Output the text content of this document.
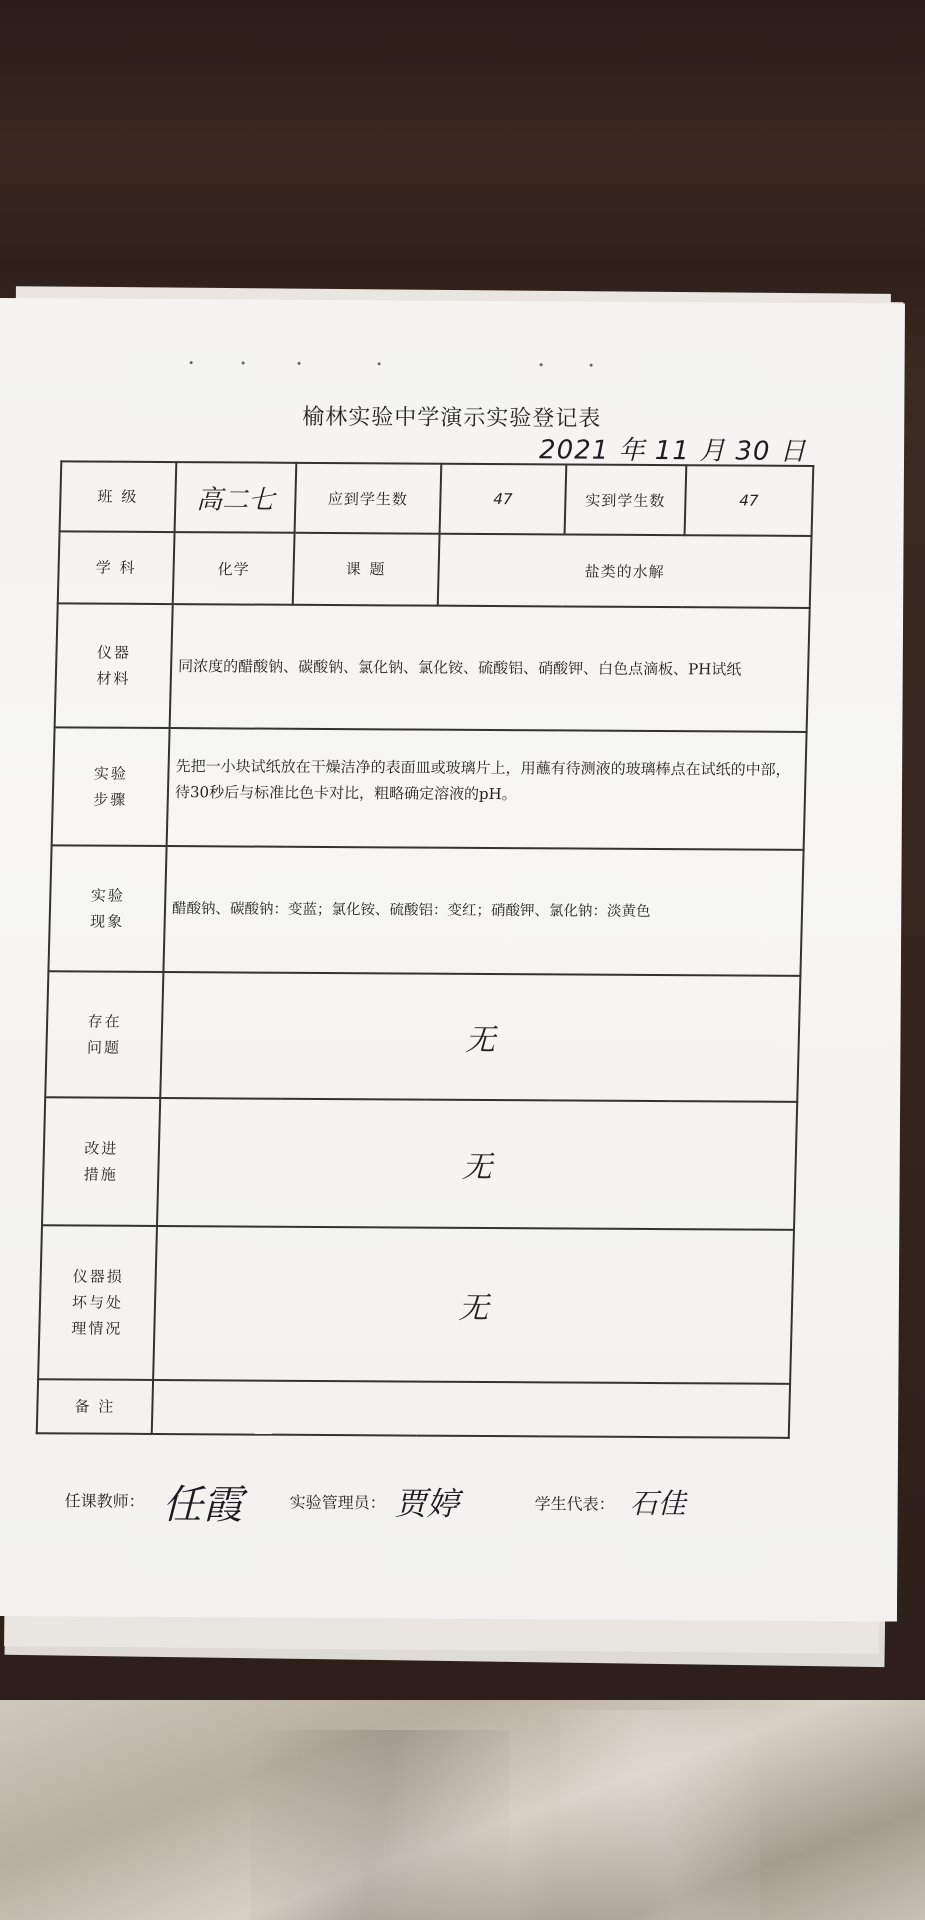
榆林实验中学演示实验登记表
2021 年 11 月 30 日
班 级	高二七	应到学生数	47	实到学生数	47
学 科	化学	课 题	盐类的水解		

仪器
材料	同浓度的醋酸钠、碳酸钠、氯化钠、氯化铵、硫酸铝、硝酸钾、白色点滴板、PH试纸				

实验
步骤	先把一小块试纸放在干燥洁净的表面皿或玻璃片上，用蘸有待测液的玻璃棒点在试纸的中部，待30秒后与标准比色卡对比，粗略确定溶液的pH。				

实验
现象	醋酸钠、碳酸钠：变蓝；氯化铵、硫酸铝：变红；硝酸钾、氯化钠：淡黄色				

存在
问题	无				

改进
措施	无				

仪器损
坏与处
理情况	无				
备 注					
任课教师： 任霞	实验管理员： 贾婷	学生代表： 石佳
